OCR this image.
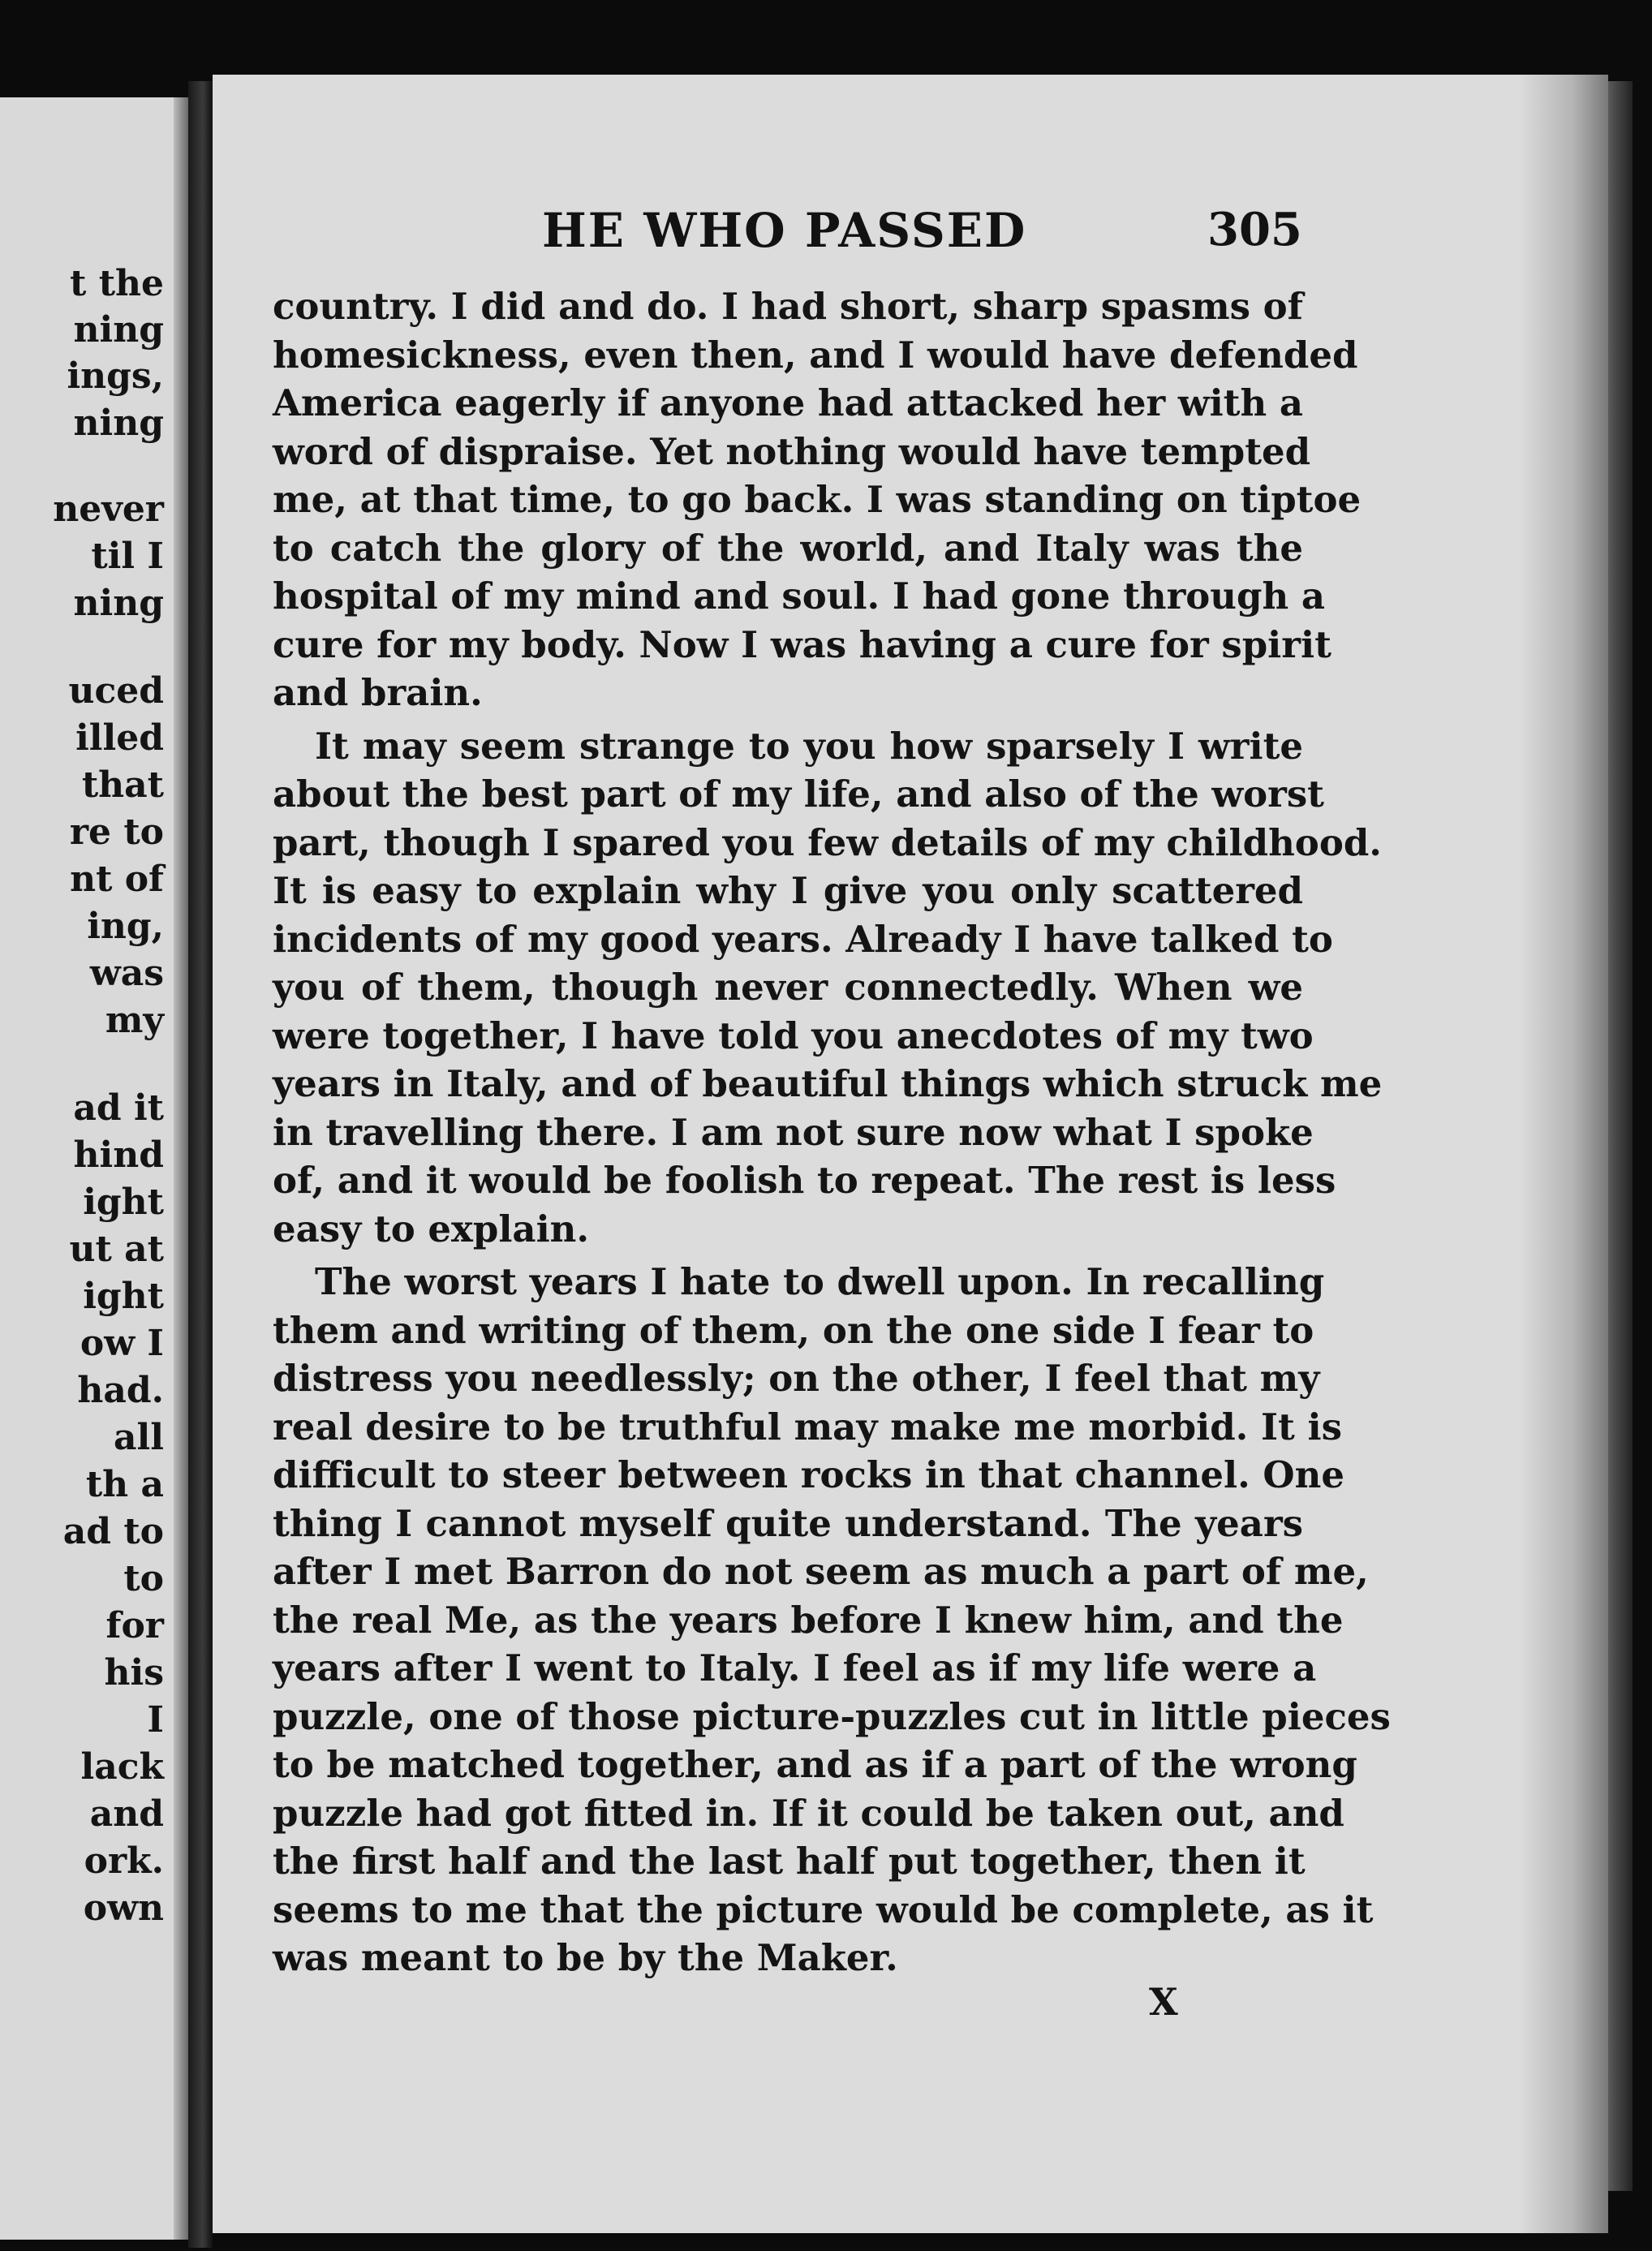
t the
ning
ings,
ning
never
til I
ning
uced
illed
that
re to
nt of
ing,
was
my
ad it
hind
ight
ut at
ight
ow I
had.
all
th a
ad to
to
for
his
I
lack
and
ork.
own
HE WHO PASSED	305
country. I did and do. I had short, sharp spasms of
homesickness, even then, and I would have defended
America eagerly if anyone had attacked her with a
word of dispraise. Yet nothing would have tempted
me, at that time, to go back. I was standing on tiptoe
to catch the glory of the world, and Italy was the
hospital of my mind and soul. I had gone through a
cure for my body. Now I was having a cure for spirit
and brain.
It may seem strange to you how sparsely I write
about the best part of my life, and also of the worst
part, though I spared you few details of my childhood.
It is easy to explain why I give you only scattered
incidents of my good years. Already I have talked to
you of them, though never connectedly. When we
were together, I have told you anecdotes of my two
years in Italy, and of beautiful things which struck me
in travelling there. I am not sure now what I spoke
of, and it would be foolish to repeat. The rest is less
easy to explain.
The worst years I hate to dwell upon. In recalling
them and writing of them, on the one side I fear to
distress you needlessly; on the other, I feel that my
real desire to be truthful may make me morbid. It is
difficult to steer between rocks in that channel. One
thing I cannot myself quite understand. The years
after I met Barron do not seem as much a part of me,
the real Me, as the years before I knew him, and the
years after I went to Italy. I feel as if my life were a
puzzle, one of those picture-puzzles cut in little pieces
to be matched together, and as if a part of the wrong
puzzle had got fitted in. If it could be taken out, and
the first half and the last half put together, then it
seems to me that the picture would be complete, as it
was meant to be by the Maker.
X
